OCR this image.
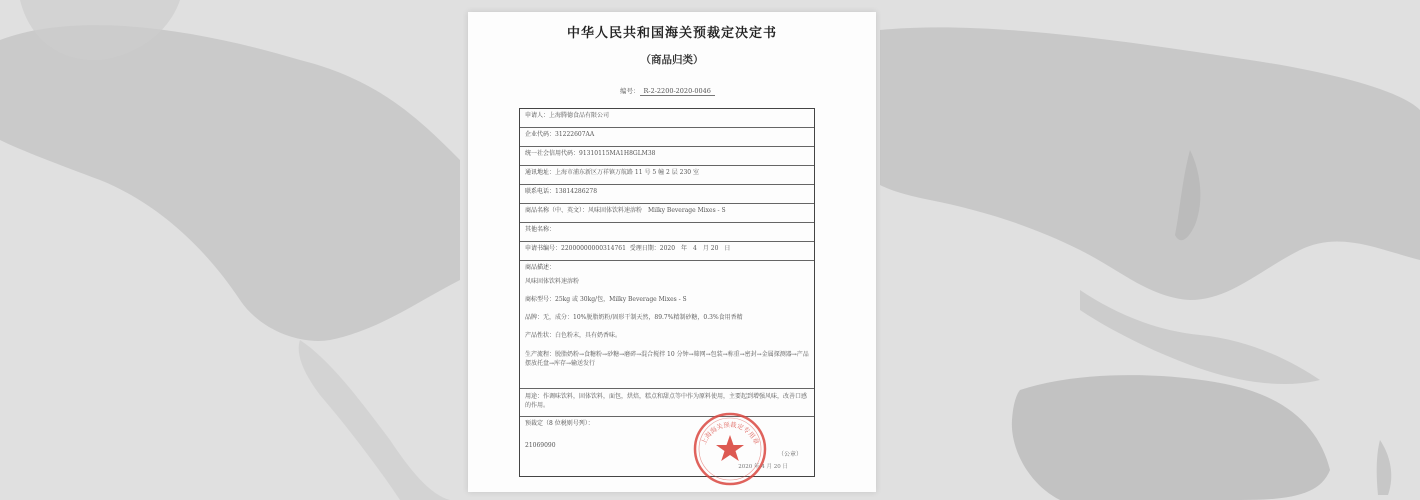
中华人民共和国海关预裁定决定书
（商品归类）
编号： R-2-2200-2020-0046
申请人：上海腾德食品有限公司
企业代码：31222607AA
统一社会信用代码：91310115MA1H8GLM38
通讯地址：上海市浦东新区万祥镇万航路 11 号 5 幢 2 层 230 室
联系电话：13814286278
商品名称（中、英文）：风味固体饮料速溶粉　Milky Beverage Mixes - S
其他名称：
申请书编号：22000000000314761 受理日期：2020　年　4　月 20　日
商品描述：
风味固体饮料速溶粉
商标型号：25kg 或 30kg/包，Milky Beverage Mixes - S
品牌：无，成分：10%脱脂奶粉/固形干制天然，89.7%精制砂糖，0.3%食用香精
产品性状：白色粉末，具有奶香味。
生产流程：脱脂奶粉→食糖粉→砂糖→磨碎→混合搅拌 10 分钟→筛网→包装→称重→密封→金属探测器→产品摆放托盘→库存→输送发行
用途：作调味饮料，固体饮料，面包，烘焙，糕点和甜点等中作为原料使用，主要起到增强风味，改善口感的作用。
预裁定（8 位税则号列）：
21069090	上海海关预裁定专用章
（公章）
2020 年 4 月 20 日
